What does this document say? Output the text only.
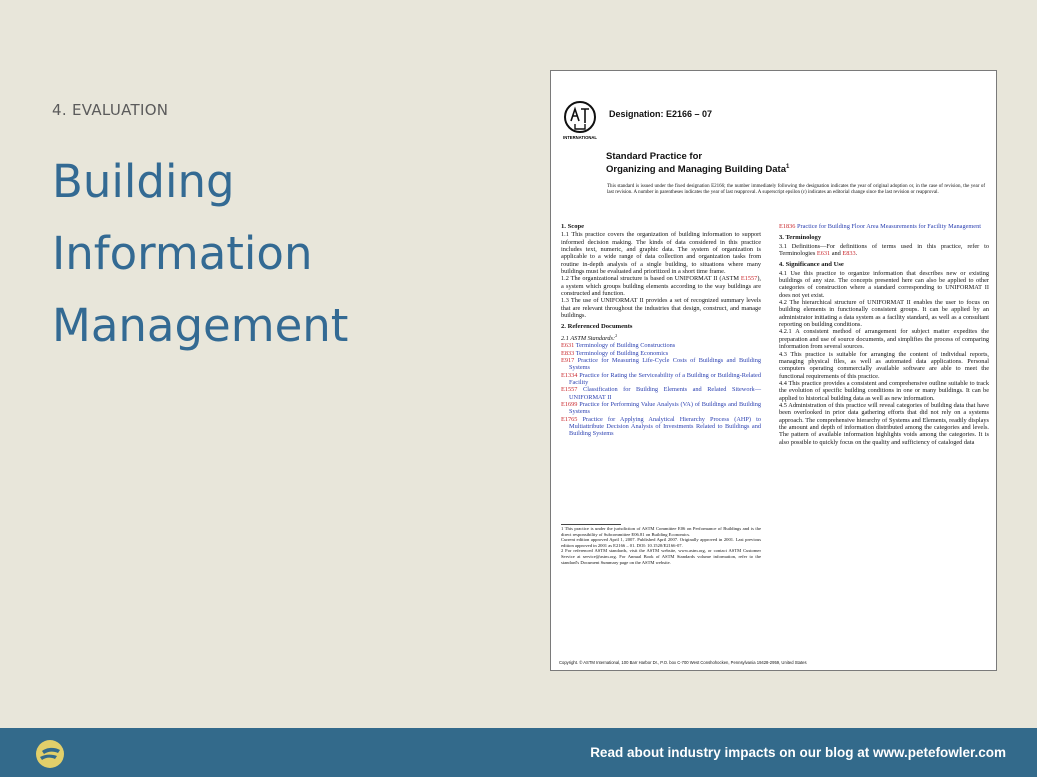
4. EVALUATION
Building Information Management
INTERNATIONAL
Designation: E2166 – 07
Standard Practice for
Organizing and Managing Building Data$^1$
This standard is issued under the fixed designation E2166; the number immediately following the designation indicates the year of original adoption or, in the case of revision, the year of last revision. A number in parentheses indicates the year of last reapproval. A superscript epsilon (ε) indicates an editorial change since the last revision or reapproval.

1. Scope

1.1 This practice covers the organization of building information to support informed decision making. The kinds of data considered in this practice includes text, numeric, and graphic data. The system of organization is applicable to a wide range of data collection and organization tasks from routine in-depth analysis of a single building, to situations where many buildings must be evaluated and prioritized in a short time frame.

1.2 The organizational structure is based on UNIFORMAT II (ASTM E1557), a system which groups building elements according to the way buildings are constructed and function.

1.3 The use of UNIFORMAT II provides a set of recognized summary levels that are relevant throughout the industries that design, construct, and manage buildings.

2. Referenced Documents

2.1 ASTM Standards:$^2$

E631 Terminology of Building Constructions

E833 Terminology of Building Economics

E917 Practice for Measuring Life-Cycle Costs of Buildings and Building Systems

E1334 Practice for Rating the Serviceability of a Building or Building-Related Facility

E1557 Classification for Building Elements and Related Sitework—UNIFORMAT II

E1699 Practice for Performing Value Analysis (VA) of Buildings and Building Systems

E1765 Practice for Applying Analytical Hierarchy Process (AHP) to Multiattribute Decision Analysis of Investments Related to Buildings and Building Systems

E1836 Practice for Building Floor Area Measurements for Facility Management

3. Terminology

3.1 Definitions—For definitions of terms used in this practice, refer to Terminologies E631 and E833.

4. Significance and Use

4.1 Use this practice to organize information that describes new or existing buildings of any size. The concepts presented here can also be applied to other categories of construction where a standard corresponding to UNIFORMAT II does not yet exist.

4.2 The hierarchical structure of UNIFORMAT II enables the user to focus on building elements in functionally consistent groups. It can be applied by an administrator initiating a data system as a facility standard, as well as a consultant reporting on building conditions.

4.2.1 A consistent method of arrangement for subject matter expedites the preparation and use of source documents, and simplifies the process of comparing information from several sources.

4.3 This practice is suitable for arranging the content of individual reports, managing physical files, as well as automated data applications. Personal computers operating commercially available software are able to meet the functional requirements of this practice.

4.4 This practice provides a consistent and comprehensive outline suitable to track the evolution of specific building conditions in one or many buildings. It can be applied to historical building data as well as new information.

4.5 Administration of this practice will reveal categories of building data that have been overlooked in prior data gathering efforts that did not rely on a systems approach. The comprehensive hierarchy of Systems and Elements, readily displays the amount and depth of information distributed among the categories and levels. The pattern of available information highlights voids among the categories. It is also possible to quickly focus on the quality and sufficiency of cataloged data

1 This practice is under the jurisdiction of ASTM Committee E06 on Performance of Buildings and is the direct responsibility of Subcommittee E06.81 on Building Economics.

Current edition approved April 1, 2007. Published April 2007. Originally approved in 2001. Last previous edition approved in 2001 as E2166 – 01. DOI: 10.1520/E2166-07.

2 For referenced ASTM standards, visit the ASTM website, www.astm.org, or contact ASTM Customer Service at service@astm.org. For Annual Book of ASTM Standards volume information, refer to the standard's Document Summary page on the ASTM website.

Copyright. © ASTM International, 100 Barr Harbor Dr., P.O. box C-700 West Conshohocken, Pennsylvania 19428-2959, United States
Read about industry impacts on our blog at www.petefowler.com
